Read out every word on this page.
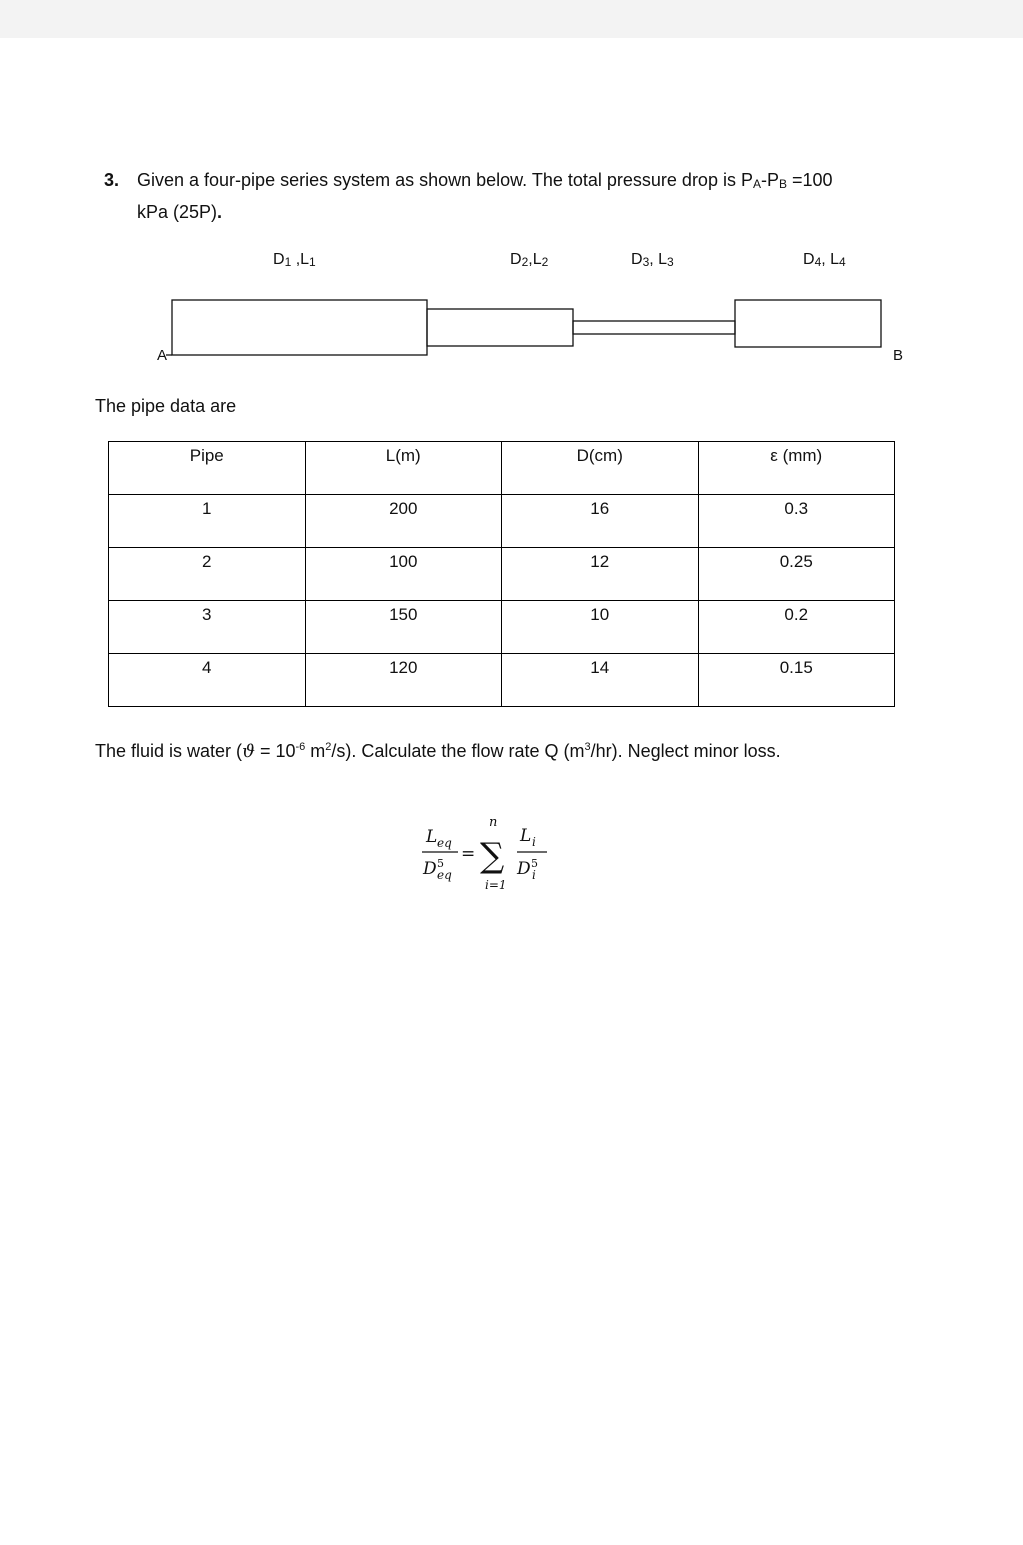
3. Given a four-pipe series system as shown below. The total pressure drop is PA-PB =100
kPa (25P).
D1 ,L1	D2,L2	D3, L3	D4, L4
A	B
The pipe data are
Pipe	L(m)	D(cm)	ε (mm)
1	200	16	0.3
2	100	12	0.25
3	150	10	0.2
4	120	14	0.15
The fluid is water ($ϑ = 10^{-6}$ $m^2/s$). Calculate the flow rate Q $(m^3/hr)$. Neglect minor loss.
L eq
D 5
eq
=
n
∑
i=1
L i
D 5
i
